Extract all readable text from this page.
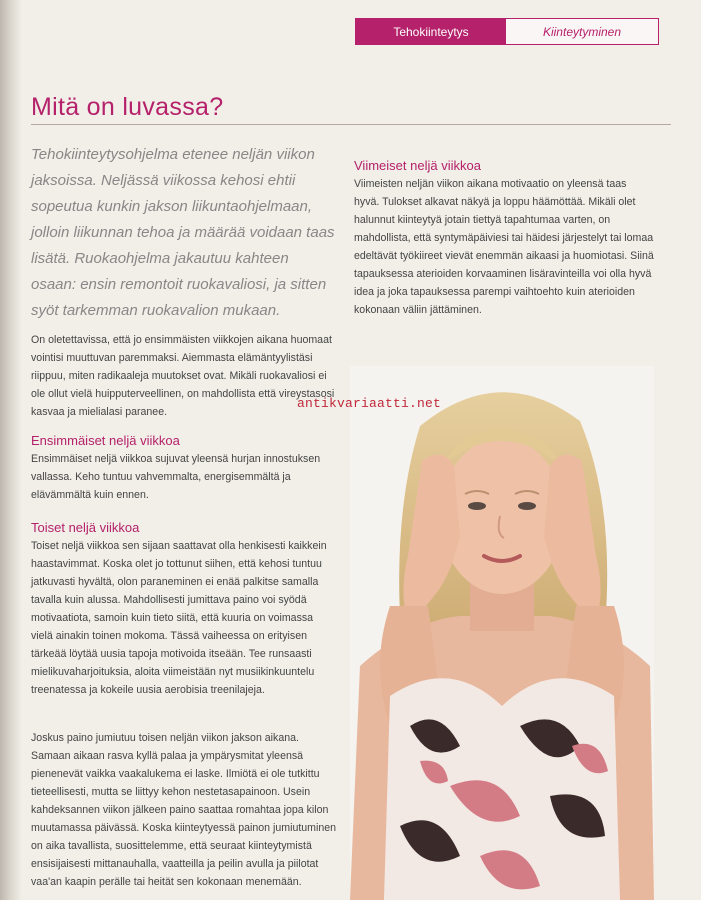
Tehokiinteytys	Kiinteytyminen
Mitä on luvassa?
Tehokiinteytysohjelma etenee neljän viikon jaksoissa. Neljässä viikossa kehosi ehtii sopeutua kunkin jakson liikuntaohjelmaan, jolloin liikunnan tehoa ja määrää voidaan taas lisätä. Ruokaohjelma jakautuu kahteen osaan: ensin remontoit ruokavaliosi, ja sitten syöt tarkemman ruokavalion mukaan.
On oletettavissa, että jo ensimmäisten viikkojen aikana huomaat vointisi muuttuvan paremmaksi. Aiemmasta elämäntyylistäsi riippuu, miten radikaaleja muutokset ovat. Mikäli ruokavaliosi ei ole ollut vielä huipputerveellinen, on mahdollista että vireystasosi kasvaa ja mielialasi paranee.
Ensimmäiset neljä viikkoa
Ensimmäiset neljä viikkoa sujuvat yleensä hurjan innostuksen vallassa. Keho tuntuu vahvemmalta, energisemmältä ja elävämmältä kuin ennen.
Toiset neljä viikkoa
Toiset neljä viikkoa sen sijaan saattavat olla henkisesti kaikkein haastavimmat. Koska olet jo tottunut siihen, että kehosi tuntuu jatkuvasti hyvältä, olon paraneminen ei enää palkitse samalla tavalla kuin alussa. Mahdollisesti jumittava paino voi syödä motivaatiota, samoin kuin tieto siitä, että kuuria on voimassa vielä ainakin toinen mokoma. Tässä vaiheessa on erityisen tärkeää löytää uusia tapoja motivoida itseään. Tee runsaasti mielikuvaharjoituksia, aloita viimeistään nyt musiikinkuuntelu treenatessa ja kokeile uusia aerobisia treenilajeja.
Joskus paino jumiutuu toisen neljän viikon jakson aikana. Samaan aikaan rasva kyllä palaa ja ympärysmitat yleensä pienenevät vaikka vaakalukema ei laske. Ilmiötä ei ole tutkittu tieteellisesti, mutta se liittyy kehon nestetasapainoon. Usein kahdeksannen viikon jälkeen paino saattaa romahtaa jopa kilon muutamassa päivässä. Koska kiinteytyessä painon jumiutuminen on aika tavallista, suosittelemme, että seuraat kiinteytymistä ensisijaisesti mittanauhalla, vaatteilla ja peilin avulla ja piilotat vaa'an kaapin perälle tai heität sen kokonaan menemään.
Viimeiset neljä viikkoa
Viimeisten neljän viikon aikana motivaatio on yleensä taas hyvä. Tulokset alkavat näkyä ja loppu häämöttää. Mikäli olet halunnut kiinteytyä jotain tiettyä tapahtumaa varten, on mahdollista, että syntymäpäiviesi tai häidesi järjestelyt tai lomaa edeltävät työkiireet vievät enemmän aikaasi ja huomiotasi. Siinä tapauksessa aterioiden korvaaminen lisäravinteilla voi olla hyvä idea ja joka tapauksessa parempi vaihtoehto kuin aterioiden kokonaan väliin jättäminen.
antikvariaatti.net
